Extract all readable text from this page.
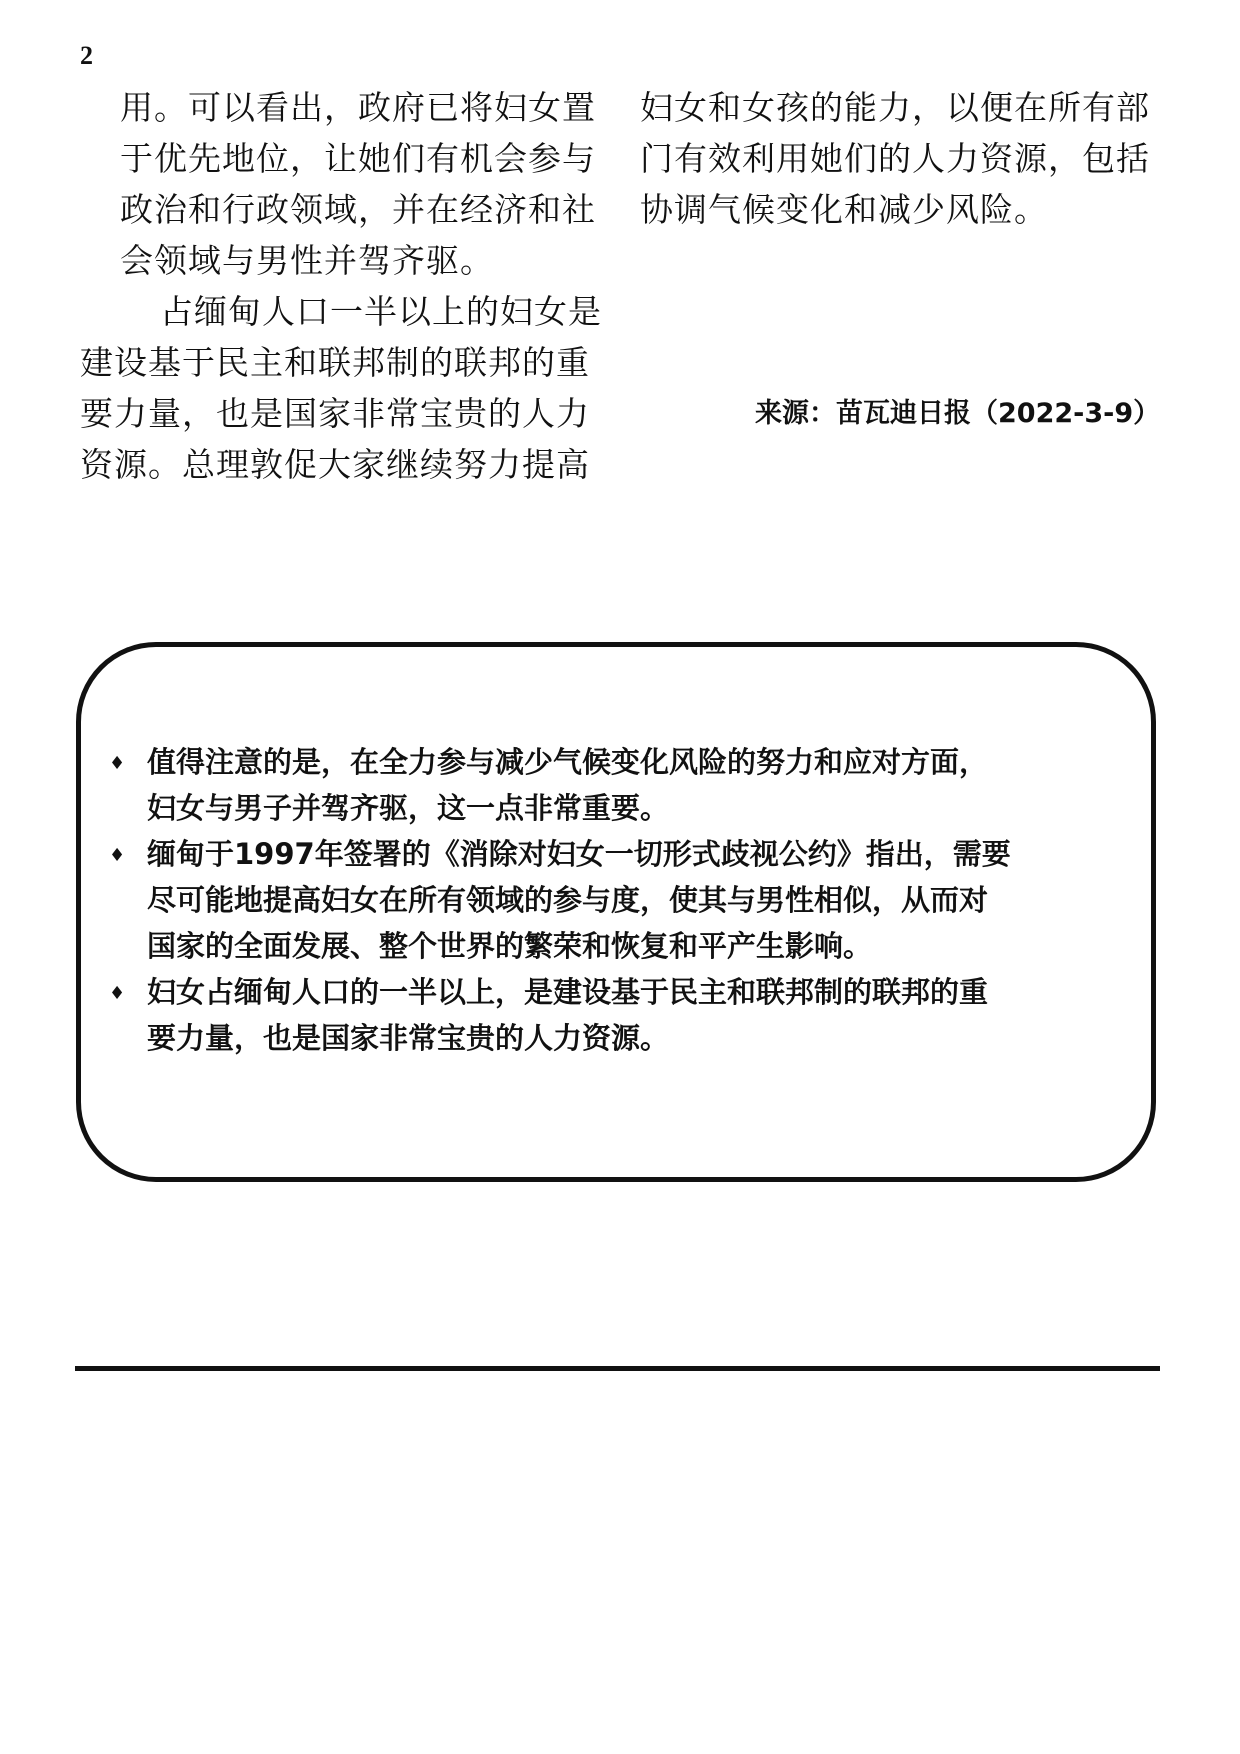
2

用。可以看出，政府已将妇女置
于优先地位，让她们有机会参与
政治和行政领域，并在经济和社
会领域与男性并驾齐驱。

占缅甸人口一半以上的妇女是
建设基于民主和联邦制的联邦的重
要力量，也是国家非常宝贵的人力
资源。总理敦促大家继续努力提高

妇女和女孩的能力，以便在所有部
门有效利用她们的人力资源，包括
协调气候变化和减少风险。

来源：苗瓦迪日报（2022-3-9）
♦ 值得注意的是，在全力参与减少气候变化风险的努力和应对方面，
妇女与男子并驾齐驱，这一点非常重要。
♦ 缅甸于1997年签署的《消除对妇女一切形式歧视公约》指出，需要
尽可能地提高妇女在所有领域的参与度，使其与男性相似，从而对
国家的全面发展、整个世界的繁荣和恢复和平产生影响。
♦ 妇女占缅甸人口的一半以上，是建设基于民主和联邦制的联邦的重
要力量，也是国家非常宝贵的人力资源。
